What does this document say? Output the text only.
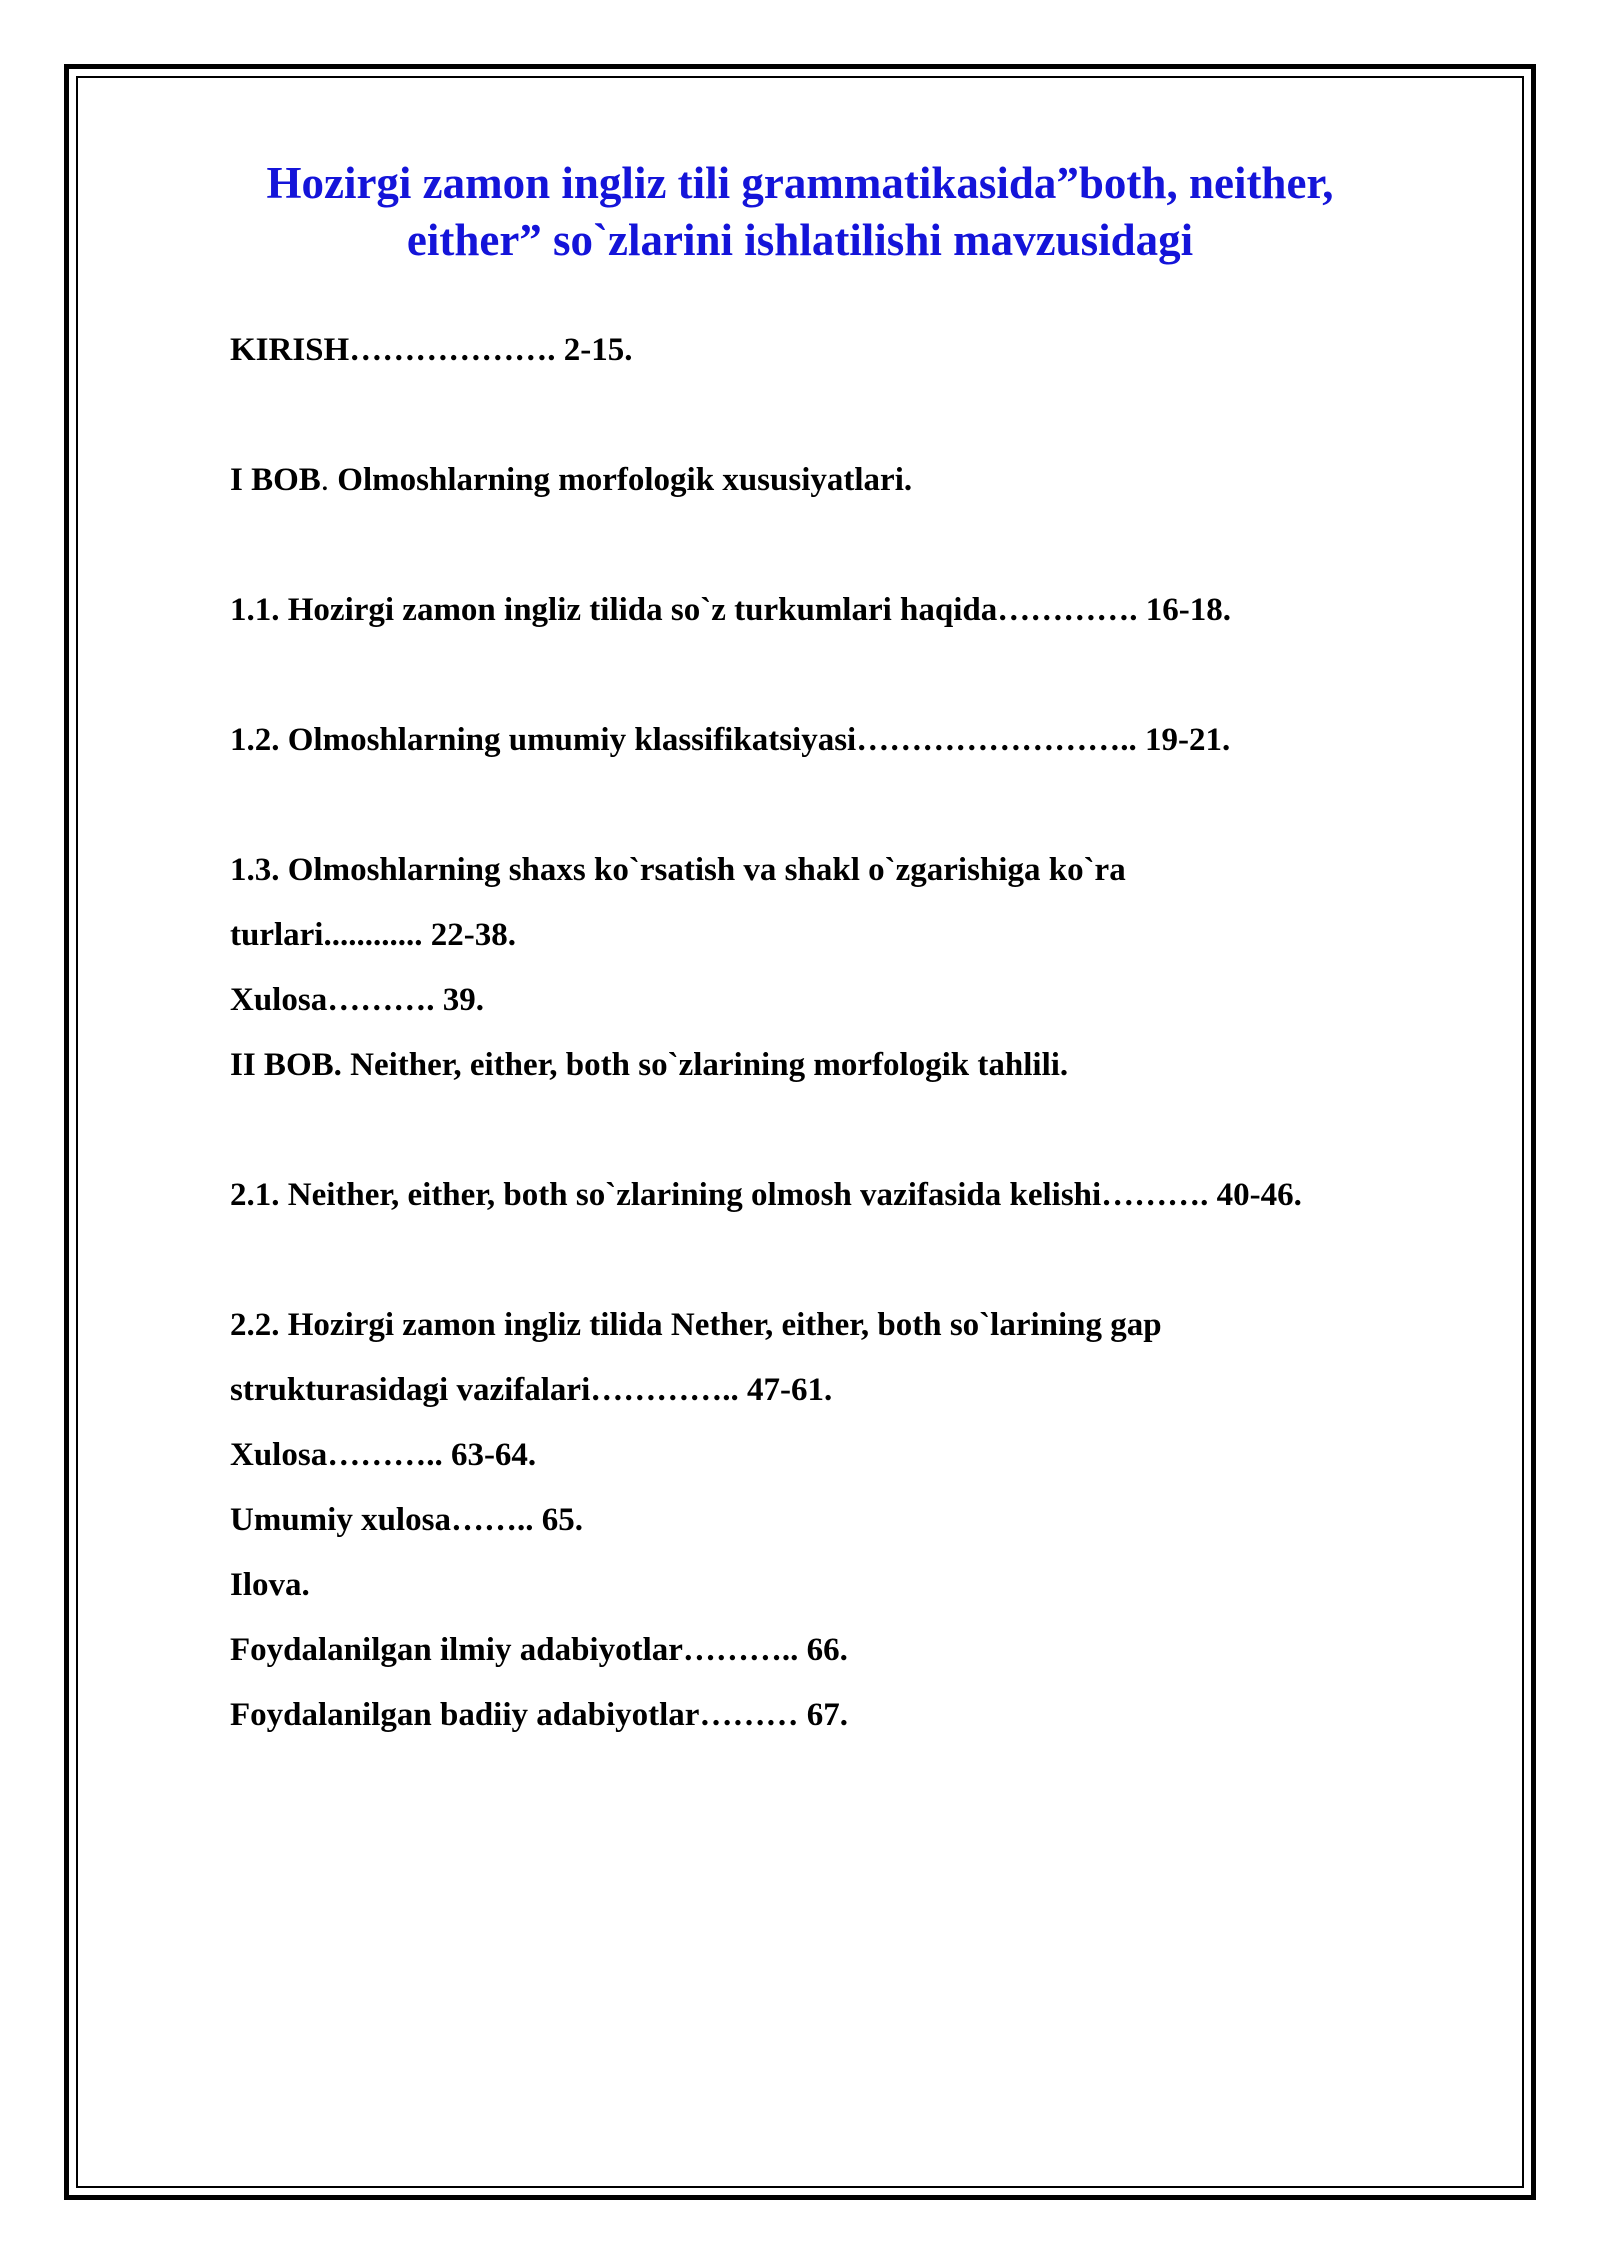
Hozirgi zamon ingliz tili grammatikasida”both, neither,
either” so`zlarini ishlatilishi mavzusidagi
KIRISH………………. 2-15.
I BOB. Olmoshlarning morfologik xususiyatlari.
1.1. Hozirgi zamon ingliz tilida so`z turkumlari haqida…………. 16-18.
1.2. Olmoshlarning umumiy klassifikatsiyasi…………………….. 19-21.
1.3. Olmoshlarning shaxs ko`rsatish va shakl o`zgarishiga ko`ra
turlari............ 22-38.
Xulosa………. 39.
II BOB. Neither, either, both so`zlarining morfologik tahlili.
2.1. Neither, either, both so`zlarining olmosh vazifasida kelishi………. 40-46.
2.2. Hozirgi zamon ingliz tilida Nether, either, both so`larining gap
strukturasidagi vazifalari………….. 47-61.
Xulosa……….. 63-64.
Umumiy xulosa…….. 65.
Ilova.
Foydalanilgan ilmiy adabiyotlar……….. 66.
Foydalanilgan badiiy adabiyotlar……… 67.
